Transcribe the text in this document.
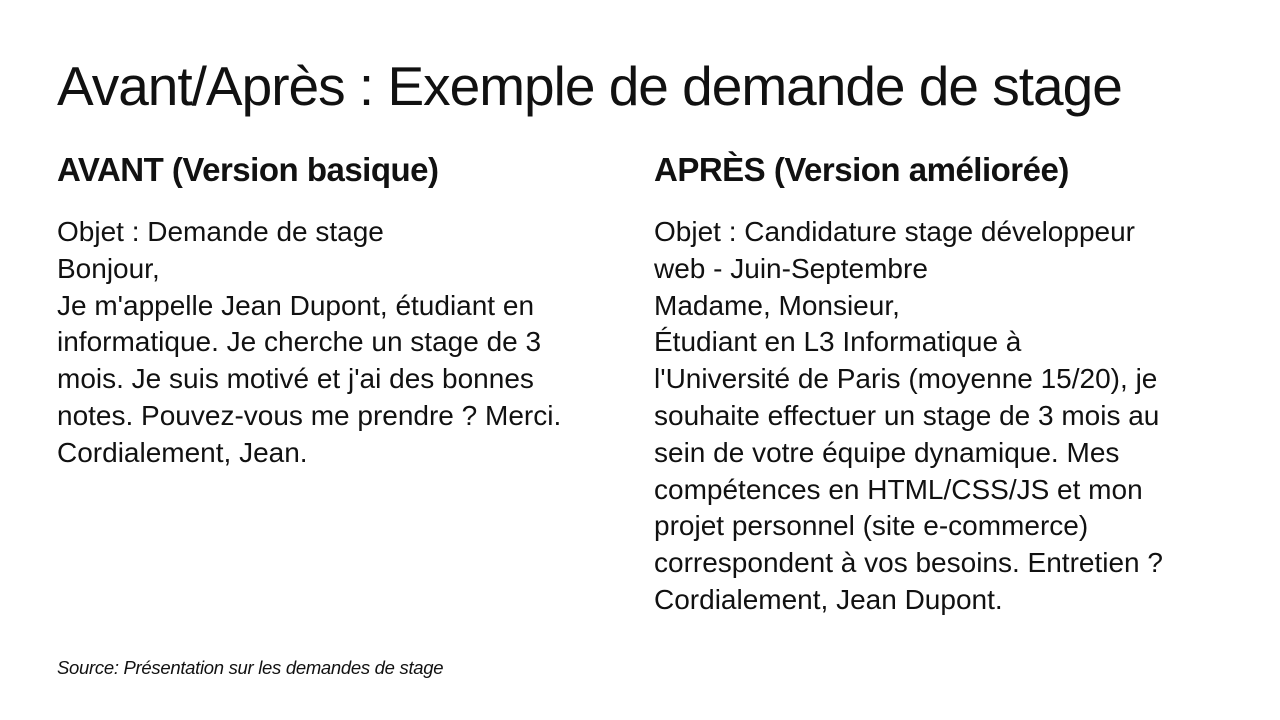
Avant/Après : Exemple de demande de stage
AVANT (Version basique)
Objet : Demande de stage
Bonjour,
Je m'appelle Jean Dupont, étudiant en informatique. Je cherche un stage de 3 mois. Je suis motivé et j'ai des bonnes notes. Pouvez-vous me prendre ? Merci. Cordialement, Jean.
APRÈS (Version améliorée)
Objet : Candidature stage développeur web - Juin-Septembre
Madame, Monsieur,
Étudiant en L3 Informatique à l'Université de Paris (moyenne 15/20), je souhaite effectuer un stage de 3 mois au sein de votre équipe dynamique. Mes compétences en HTML/CSS/JS et mon projet personnel (site e-commerce) correspondent à vos besoins. Entretien ? Cordialement, Jean Dupont.
Source: Présentation sur les demandes de stage
